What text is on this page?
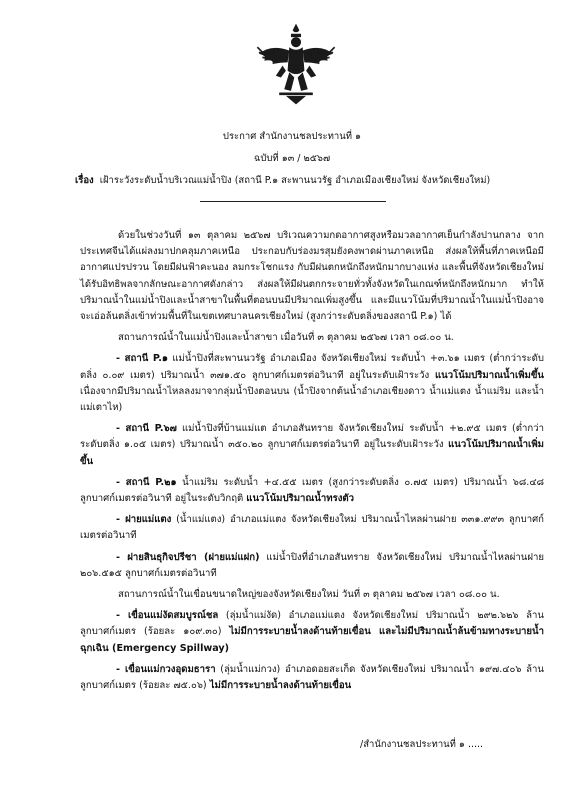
ประกาศ สำนักงานชลประทานที่ ๑
ฉบับที่ ๑๓ / ๒๕๖๗
เรื่อง เฝ้าระวังระดับน้ำบริเวณแม่น้ำปิง (สถานี P.๑ สะพานนวรัฐ อำเภอเมืองเชียงใหม่ จังหวัดเชียงใหม่)

ด้วยในช่วงวันที่ ๑๓ ตุลาคม ๒๕๖๗ บริเวณความกดอากาศสูงหรือมวลอากาศเย็นกำลังปานกลาง จากประเทศจีนได้แผ่ลงมาปกคลุมภาคเหนือ ประกอบกับร่องมรสุมยังคงพาดผ่านภาคเหนือ ส่งผลให้พื้นที่ภาคเหนือมีอากาศแปรปรวน โดยมีฝนฟ้าคะนอง ลมกระโชกแรง กับมีฝนตกหนักถึงหนักมากบางแห่ง และพื้นที่จังหวัดเชียงใหม่ ได้รับอิทธิพลจากลักษณะอากาศดังกล่าว ส่งผลให้มีฝนตกกระจายทั่วทั้งจังหวัดในเกณฑ์หนักถึงหนักมาก ทำให้ปริมาณน้ำในแม่น้ำปิงและน้ำสาขาในพื้นที่ตอนบนมีปริมาณเพิ่มสูงขึ้น และมีแนวโน้มที่ปริมาณน้ำในแม่น้ำปิงอาจจะเอ่อล้นตลิ่งเข้าท่วมพื้นที่ในเขตเทศบาลนครเชียงใหม่ (สูงกว่าระดับตลิ่งของสถานี P.๑) ได้

สถานการณ์น้ำในแม่น้ำปิงและน้ำสาขา เมื่อวันที่ ๓ ตุลาคม ๒๕๖๗ เวลา ๐๘.๐๐ น.

- สถานี P.๑ แม่น้ำปิงที่สะพานนวรัฐ อำเภอเมือง จังหวัดเชียงใหม่ ระดับน้ำ +๓.๖๑ เมตร (ต่ำกว่าระดับตลิ่ง ๐.๐๙ เมตร) ปริมาณน้ำ ๓๗๑.๕๐ ลูกบาศก์เมตรต่อวินาที อยู่ในระดับเฝ้าระวัง แนวโน้มปริมาณน้ำเพิ่มขึ้น เนื่องจากมีปริมาณน้ำไหลลงมาจากลุ่มน้ำปิงตอนบน (น้ำปิงจากต้นน้ำอำเภอเชียงดาว น้ำแม่แตง น้ำแม่ริม และน้ำแม่เตาไห)

- สถานี P.๖๗ แม่น้ำปิงที่บ้านแม่แต อำเภอสันทราย จังหวัดเชียงใหม่ ระดับน้ำ +๒.๙๕ เมตร (ต่ำกว่าระดับตลิ่ง ๑.๐๕ เมตร) ปริมาณน้ำ ๓๕๐.๒๐ ลูกบาศก์เมตรต่อวินาที อยู่ในระดับเฝ้าระวัง แนวโน้มปริมาณน้ำเพิ่มขึ้น

- สถานี P.๒๑ น้ำแม่ริม ระดับน้ำ +๔.๕๕ เมตร (สูงกว่าระดับตลิ่ง ๐.๗๕ เมตร) ปริมาณน้ำ ๖๘.๔๘ ลูกบาศก์เมตรต่อวินาที อยู่ในระดับวิกฤติ แนวโน้มปริมาณน้ำทรงตัว

- ฝายแม่แตง (น้ำแม่แตง) อำเภอแม่แตง จังหวัดเชียงใหม่ ปริมาณน้ำไหลผ่านฝาย ๓๓๑.๙๙๓ ลูกบาศก์เมตรต่อวินาที

- ฝายสินธุกิจปรีชา (ฝายแม่แฝก) แม่น้ำปิงที่อำเภอสันทราย จังหวัดเชียงใหม่ ปริมาณน้ำไหลผ่านฝาย ๒๐๖.๕๑๕ ลูกบาศก์เมตรต่อวินาที

สถานการณ์น้ำในเขื่อนขนาดใหญ่ของจังหวัดเชียงใหม่ วันที่ ๓ ตุลาคม ๒๕๖๗ เวลา ๐๘.๐๐ น.

- เขื่อนแม่งัดสมบูรณ์ชล (ลุ่มน้ำแม่งัด) อำเภอแม่แตง จังหวัดเชียงใหม่ ปริมาณน้ำ ๒๙๒.๖๒๖ ล้านลูกบาศก์เมตร (ร้อยละ ๑๐๙.๓๐) ไม่มีการระบายน้ำลงด้านท้ายเขื่อน และไม่มีปริมาณน้ำล้นข้ามทางระบายน้ำฉุกเฉิน (Emergency Spillway)

- เขื่อนแม่กวงอุดมธารา (ลุ่มน้ำแม่กวง) อำเภอดอยสะเก็ด จังหวัดเชียงใหม่ ปริมาณน้ำ ๑๙๗.๔๐๖ ล้านลูกบาศก์เมตร (ร้อยละ ๗๕.๐๖) ไม่มีการระบายน้ำลงด้านท้ายเขื่อน

/สำนักงานชลประทานที่ ๑ .....
